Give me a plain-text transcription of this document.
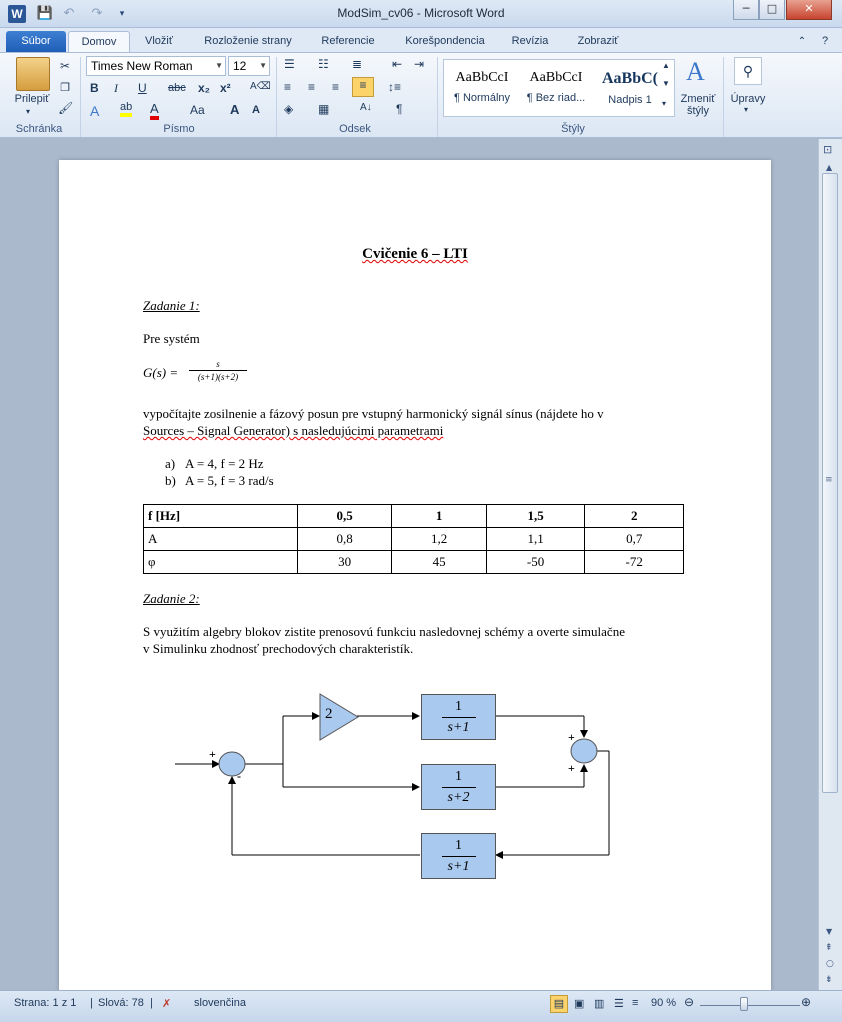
W 💾 ↶ ↷	▾	ModSim_cv06 - Microsoft Word	─	□	✕
Súbor	Domov	Vložiť	Rozloženie strany	Referencie	Korešpondencia	Revízia	Zobraziť	⌃	?
Prilepiť
▾
✂
❐
🖌
Schránka
Times New Roman	▼ 12 ▼
B I U abc x₂ x² A⌫
A ab A	Aa A A
Písmo
☰ ☷ ≣ ⇤ ⇥
≡ ≡ ≡	≡	↕≡
◈ ▦	A↓ ¶
Odsek
AaBbCcI
¶ Normálny
AaBbCcI
¶ Bez riad...
AaBbC(
Nadpis 1
▲
▼
▾
A
Zmeniť štýly
Štýly
⚲
Úpravy
▾
Cvičenie 6 – LTI
Zadanie 1:
Pre systém
G(s) =
s
(s+1)(s+2)
vypočítajte zosilnenie a fázový posun pre vstupný harmonický signál sínus (nájdete ho v
Sources – Signal Generator) s nasledujúcimi parametrami
a) A = 4, f = 2 Hz
b) A = 5, f = 3 rad/s
f [Hz]	0,5	1	1,5	2
A	0,8	1,2	1,1	0,7
φ	30	45	-50	-72
Zadanie 2:
S využitím algebry blokov zistite prenosovú funkciu nasledovnej schémy a overte simulačne
v Simulinku zhodnosť prechodových charakteristík.
+
-
+
+
2	1
s+1
1
s+2
1
s+1
⊡
▲
≡
▼
⇞
○
⇟
Strana: 1 z 1 | Slová: 78 | ✗ slovenčina	▤ ▣ ▥ ☰ ≡ 90 % ⊖	⊕
